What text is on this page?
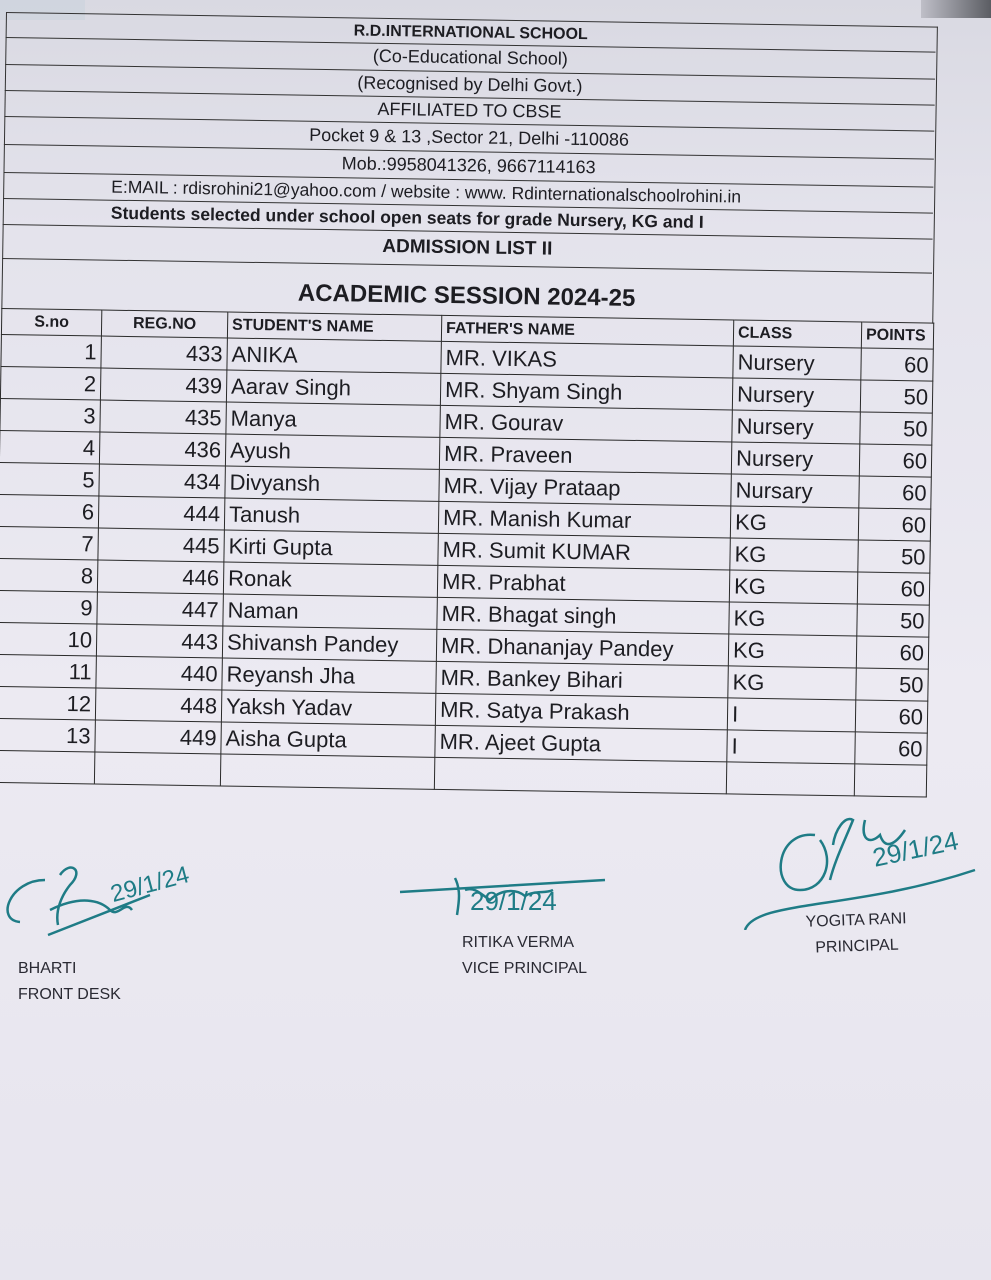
R.D.INTERNATIONAL SCHOOL
(Co-Educational School)
(Recognised by Delhi Govt.)
AFFILIATED TO CBSE
Pocket 9 & 13 ,Sector 21, Delhi -110086
Mob.:9958041326, 9667114163
E:MAIL : rdisrohini21@yahoo.com / website : www. Rdinternationalschoolrohini.in
Students selected under school open seats for grade Nursery, KG and I
ADMISSION LIST II
ACADEMIC SESSION 2024-25
S.no	REG.NO	STUDENT'S NAME	FATHER'S NAME	CLASS	POINTS
1	433	ANIKA	MR. VIKAS	Nursery	60
2	439	Aarav Singh	MR. Shyam Singh	Nursery	50
3	435	Manya	MR. Gourav	Nursery	50
4	436	Ayush	MR. Praveen	Nursery	60
5	434	Divyansh	MR. Vijay Prataap	Nursary	60
6	444	Tanush	MR. Manish Kumar	KG	60
7	445	Kirti Gupta	MR. Sumit KUMAR	KG	50
8	446	Ronak	MR. Prabhat	KG	60
9	447	Naman	MR. Bhagat singh	KG	50
10	443	Shivansh Pandey	MR. Dhananjay Pandey	KG	60
11	440	Reyansh Jha	MR. Bankey Bihari	KG	50
12	448	Yaksh Yadav	MR. Satya Prakash	I	60
13	449	Aisha Gupta	MR. Ajeet Gupta	I	60

29/1/24
BHARTI
FRONT DESK
29/1/24
RITIKA VERMA
VICE PRINCIPAL
29/1/24
YOGITA RANI
PRINCIPAL
